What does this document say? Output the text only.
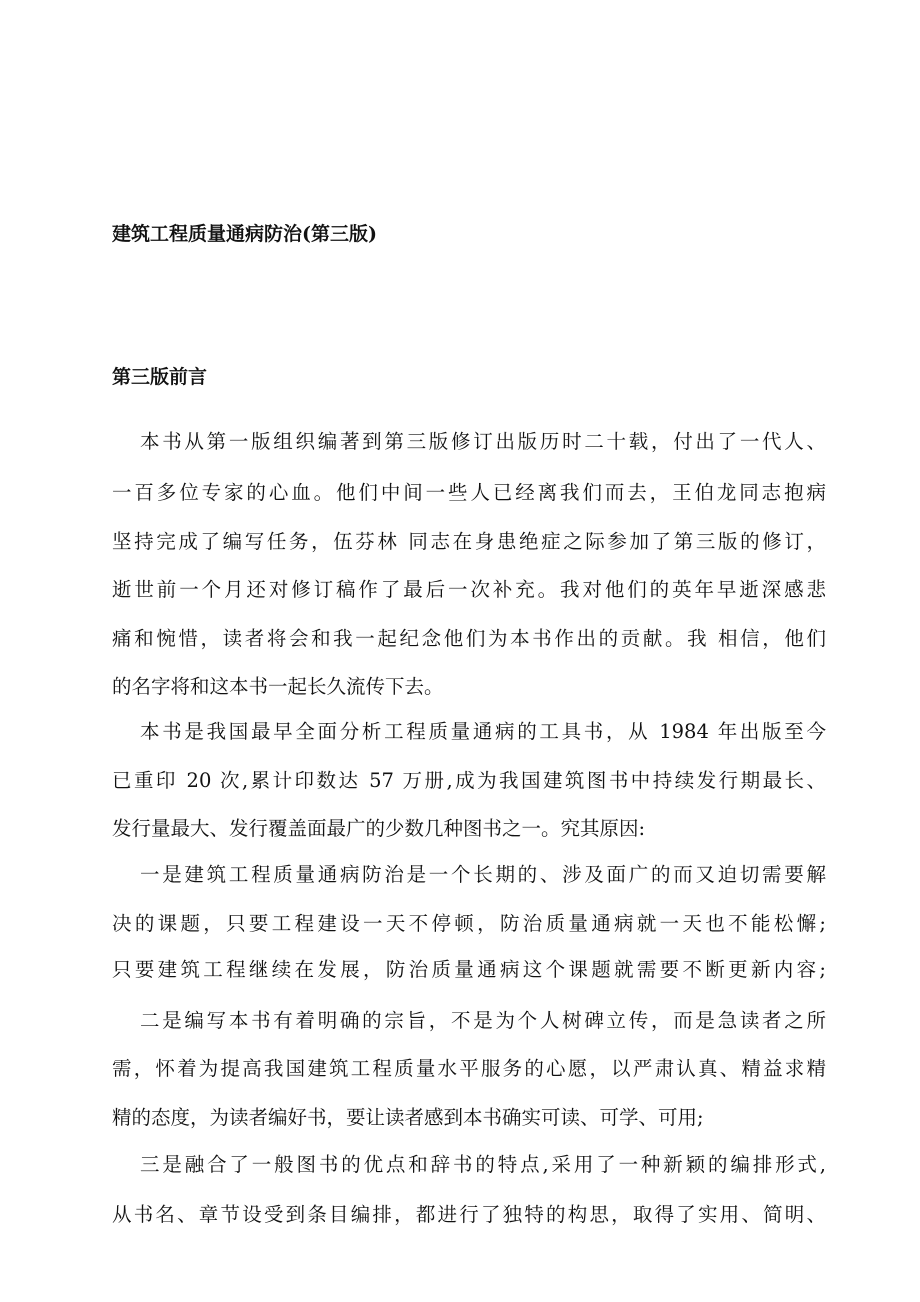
建筑工程质量通病防治(第三版)
第三版前言
本书从第一版组织编著到第三版修订出版历时二十载，付出了一代人、
一百多位专家的心血。他们中间一些人已经离我们而去，王伯龙同志抱病
坚持完成了编写任务，伍芬林 同志在身患绝症之际参加了第三版的修订，
逝世前一个月还对修订稿作了最后一次补充。我对他们的英年早逝深感悲
痛和惋惜，读者将会和我一起纪念他们为本书作出的贡献。我 相信，他们
的名字将和这本书一起长久流传下去。
本书是我国最早全面分析工程质量通病的工具书，从 1984 年出版至今
已重印 20 次,累计印数达 57 万册,成为我国建筑图书中持续发行期最长、
发行量最大、发行覆盖面最广的少数几种图书之一。究其原因:
一是建筑工程质量通病防治是一个长期的、涉及面广的而又迫切需要解
决的课题，只要工程建设一天不停顿，防治质量通病就一天也不能松懈;
只要建筑工程继续在发展，防治质量通病这个课题就需要不断更新内容;
二是编写本书有着明确的宗旨，不是为个人树碑立传，而是急读者之所
需，怀着为提高我国建筑工程质量水平服务的心愿，以严肃认真、精益求精
精的态度，为读者编好书，要让读者感到本书确实可读、可学、可用;
三是融合了一般图书的优点和辞书的特点,采用了一种新颖的编排形式,
从书名、章节设受到条目编排，都进行了独特的构思，取得了实用、简明、
